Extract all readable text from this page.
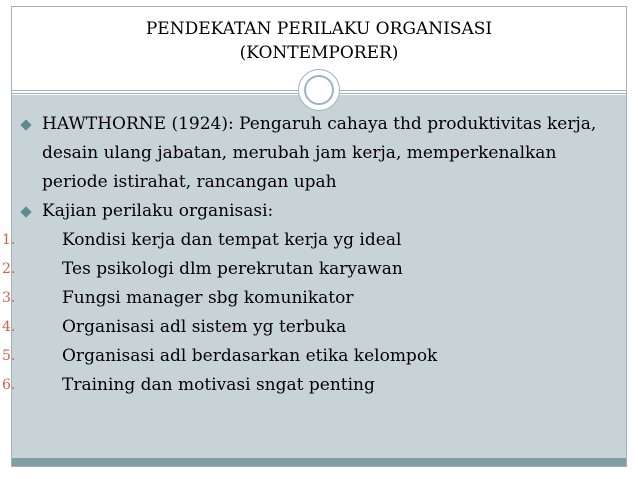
PENDEKATAN PERILAKU ORGANISASI
(KONTEMPORER)
HAWTHORNE (1924): Pengaruh cahaya thd produktivitas kerja, desain ulang jabatan, merubah jam kerja, memperkenalkan periode istirahat, rancangan upah
Kajian perilaku organisasi:
1.	Kondisi kerja dan tempat kerja yg ideal
2.	Tes psikologi dlm perekrutan karyawan
3.	Fungsi manager sbg komunikator
4.	Organisasi adl sistem yg terbuka
5.	Organisasi adl berdasarkan etika kelompok
6.	Training dan motivasi sngat penting
